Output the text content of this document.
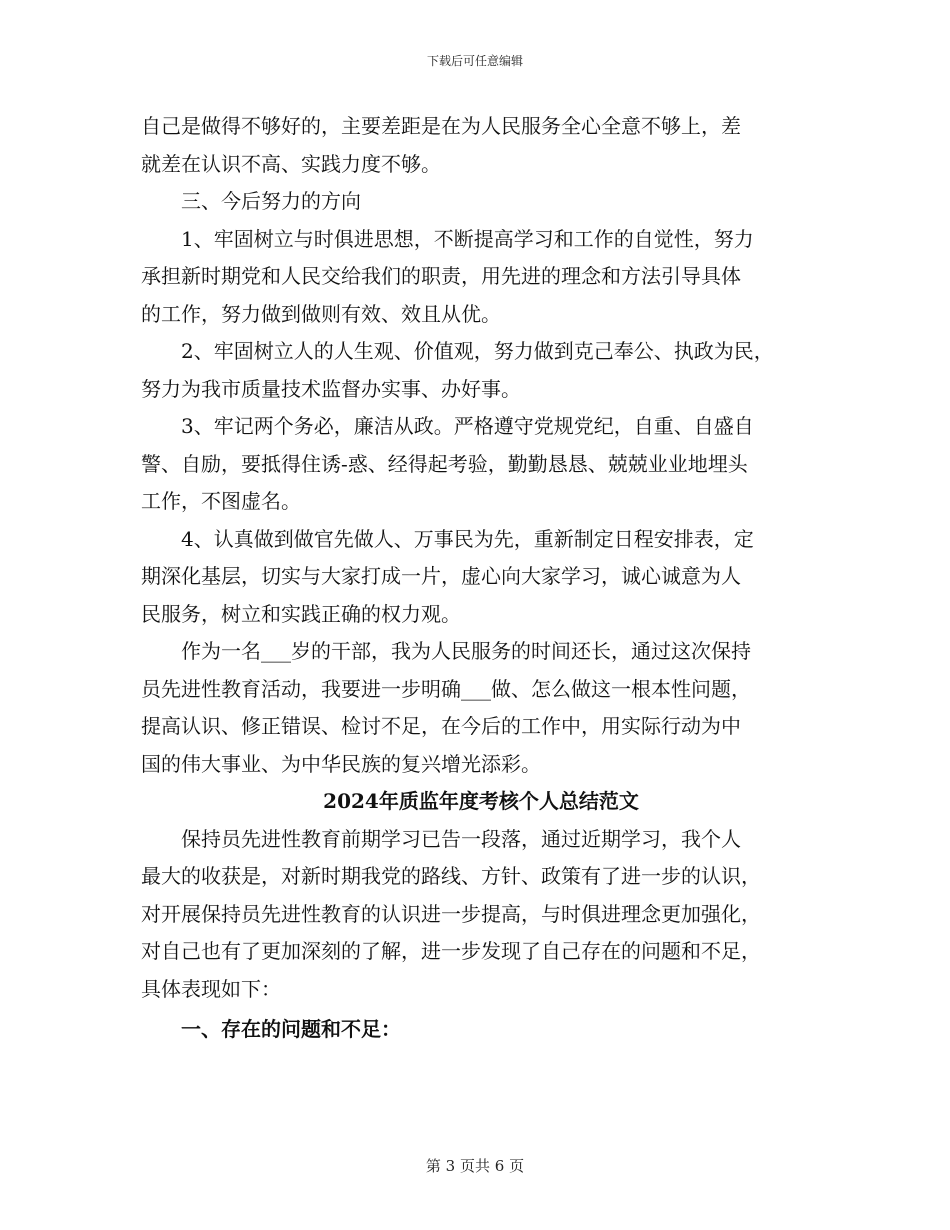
下载后可任意编辑
自己是做得不够好的，主要差距是在为人民服务全心全意不够上，差
就差在认识不高、实践力度不够。
　　三、今后努力的方向
　　1、牢固树立与时俱进思想，不断提高学习和工作的自觉性，努力
承担新时期党和人民交给我们的职责，用先进的理念和方法引导具体
的工作，努力做到做则有效、效且从优。
　　2、牢固树立人的人生观、价值观，努力做到克己奉公、执政为民，
努力为我市质量技术监督办实事、办好事。
　　3、牢记两个务必，廉洁从政。严格遵守党规党纪，自重、自盛自
警、自励，要抵得住诱-惑、经得起考验，勤勤恳恳、兢兢业业地埋头
工作，不图虚名。
　　4、认真做到做官先做人、万事民为先，重新制定日程安排表，定
期深化基层，切实与大家打成一片，虚心向大家学习，诚心诚意为人
民服务，树立和实践正确的权力观。
　　作为一名___岁的干部，我为人民服务的时间还长，通过这次保持
员先进性教育活动，我要进一步明确___做、怎么做这一根本性问题，
提高认识、修正错误、检讨不足，在今后的工作中，用实际行动为中
国的伟大事业、为中华民族的复兴增光添彩。
2024年质监年度考核个人总结范文
　　保持员先进性教育前期学习已告一段落，通过近期学习，我个人
最大的收获是，对新时期我党的路线、方针、政策有了进一步的认识，
对开展保持员先进性教育的认识进一步提高，与时俱进理念更加强化，
对自己也有了更加深刻的了解，进一步发现了自己存在的问题和不足，
具体表现如下：
　　一、存在的问题和不足：
第 3 页共 6 页
